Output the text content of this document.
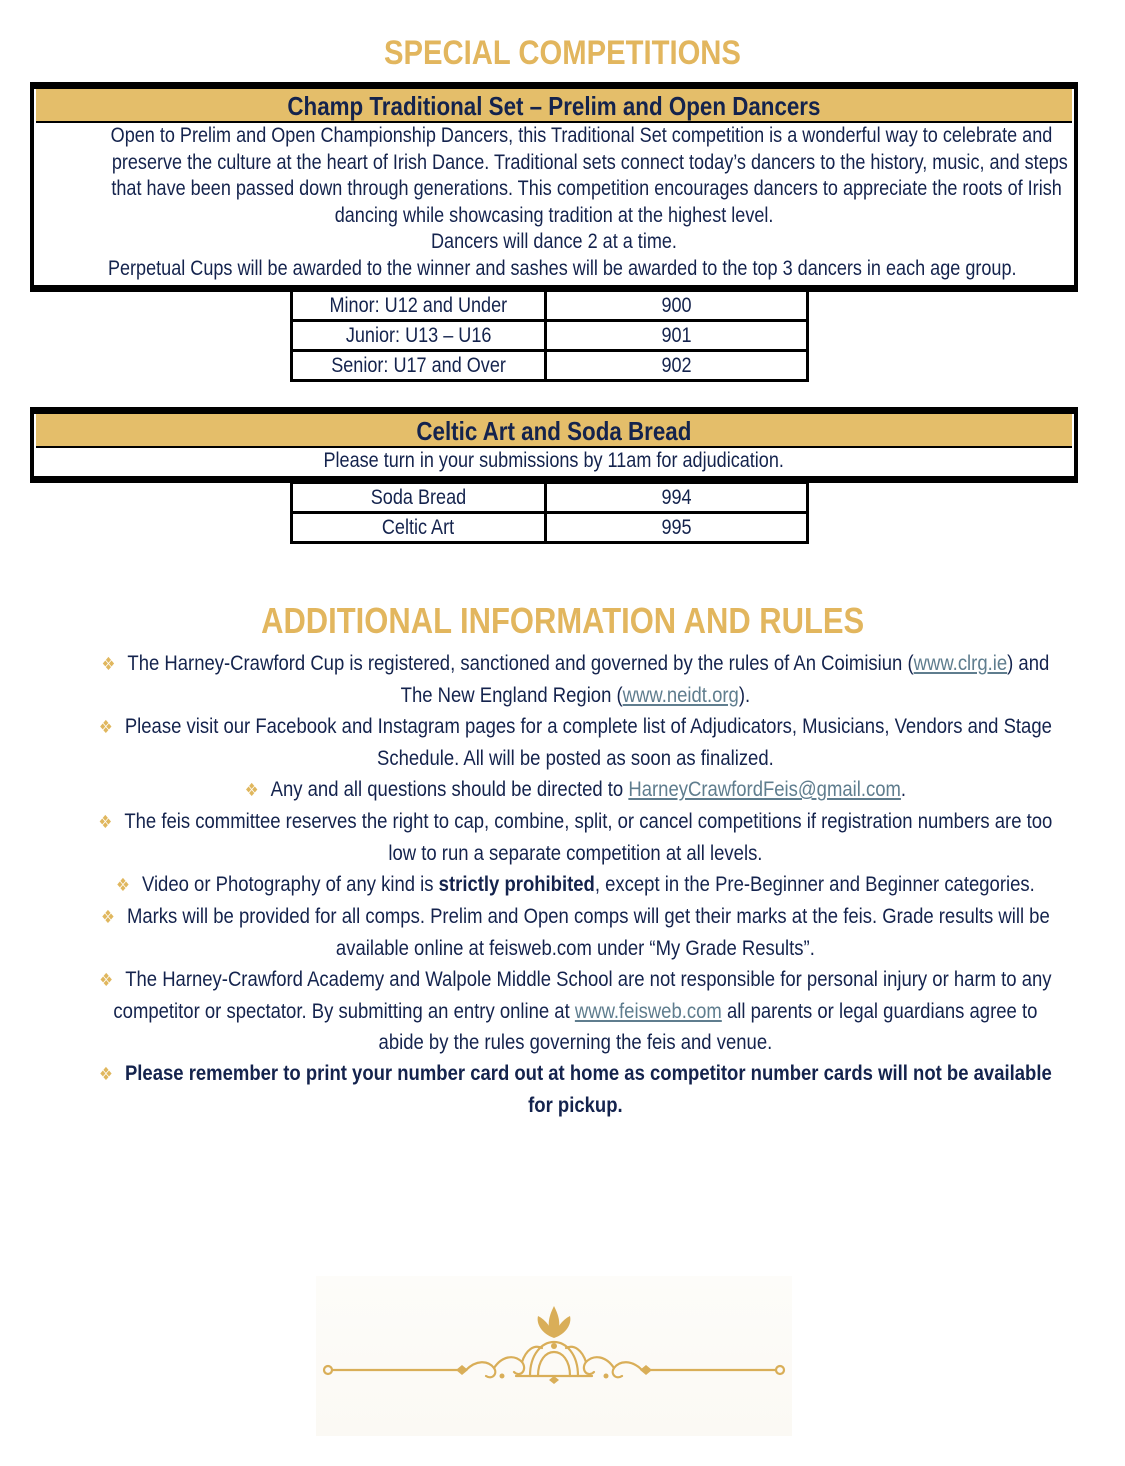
SPECIAL COMPETITIONS
Champ Traditional Set – Prelim and Open Dancers

Open to Prelim and Open Championship Dancers, this Traditional Set competition is a wonderful way to celebrate and

preserve the culture at the heart of Irish Dance. Traditional sets connect today’s dancers to the history, music, and steps

that have been passed down through generations. This competition encourages dancers to appreciate the roots of Irish

dancing while showcasing tradition at the highest level.

Dancers will dance 2 at a time.

Perpetual Cups will be awarded to the winner and sashes will be awarded to the top 3 dancers in each age group.

Minor: U12 and Under	900
Junior: U13 – U16	901
Senior: U17 and Over	902
Celtic Art and Soda Bread

Please turn in your submissions by 11am for adjudication.

Soda Bread	994
Celtic Art	995
ADDITIONAL INFORMATION AND RULES
❖ The Harney-Crawford Cup is registered, sanctioned and governed by the rules of An Coimisiun (www.clrg.ie) and
The New England Region (www.neidt.org).
❖ Please visit our Facebook and Instagram pages for a complete list of Adjudicators, Musicians, Vendors and Stage
Schedule. All will be posted as soon as finalized.
❖ Any and all questions should be directed to HarneyCrawfordFeis@gmail.com.
❖ The feis committee reserves the right to cap, combine, split, or cancel competitions if registration numbers are too
low to run a separate competition at all levels.
❖ Video or Photography of any kind is strictly prohibited, except in the Pre-Beginner and Beginner categories.
❖ Marks will be provided for all comps. Prelim and Open comps will get their marks at the feis. Grade results will be
available online at feisweb.com under “My Grade Results”.
❖ The Harney-Crawford Academy and Walpole Middle School are not responsible for personal injury or harm to any
competitor or spectator. By submitting an entry online at www.feisweb.com all parents or legal guardians agree to
abide by the rules governing the feis and venue.
❖ Please remember to print your number card out at home as competitor number cards will not be available
for pickup.
